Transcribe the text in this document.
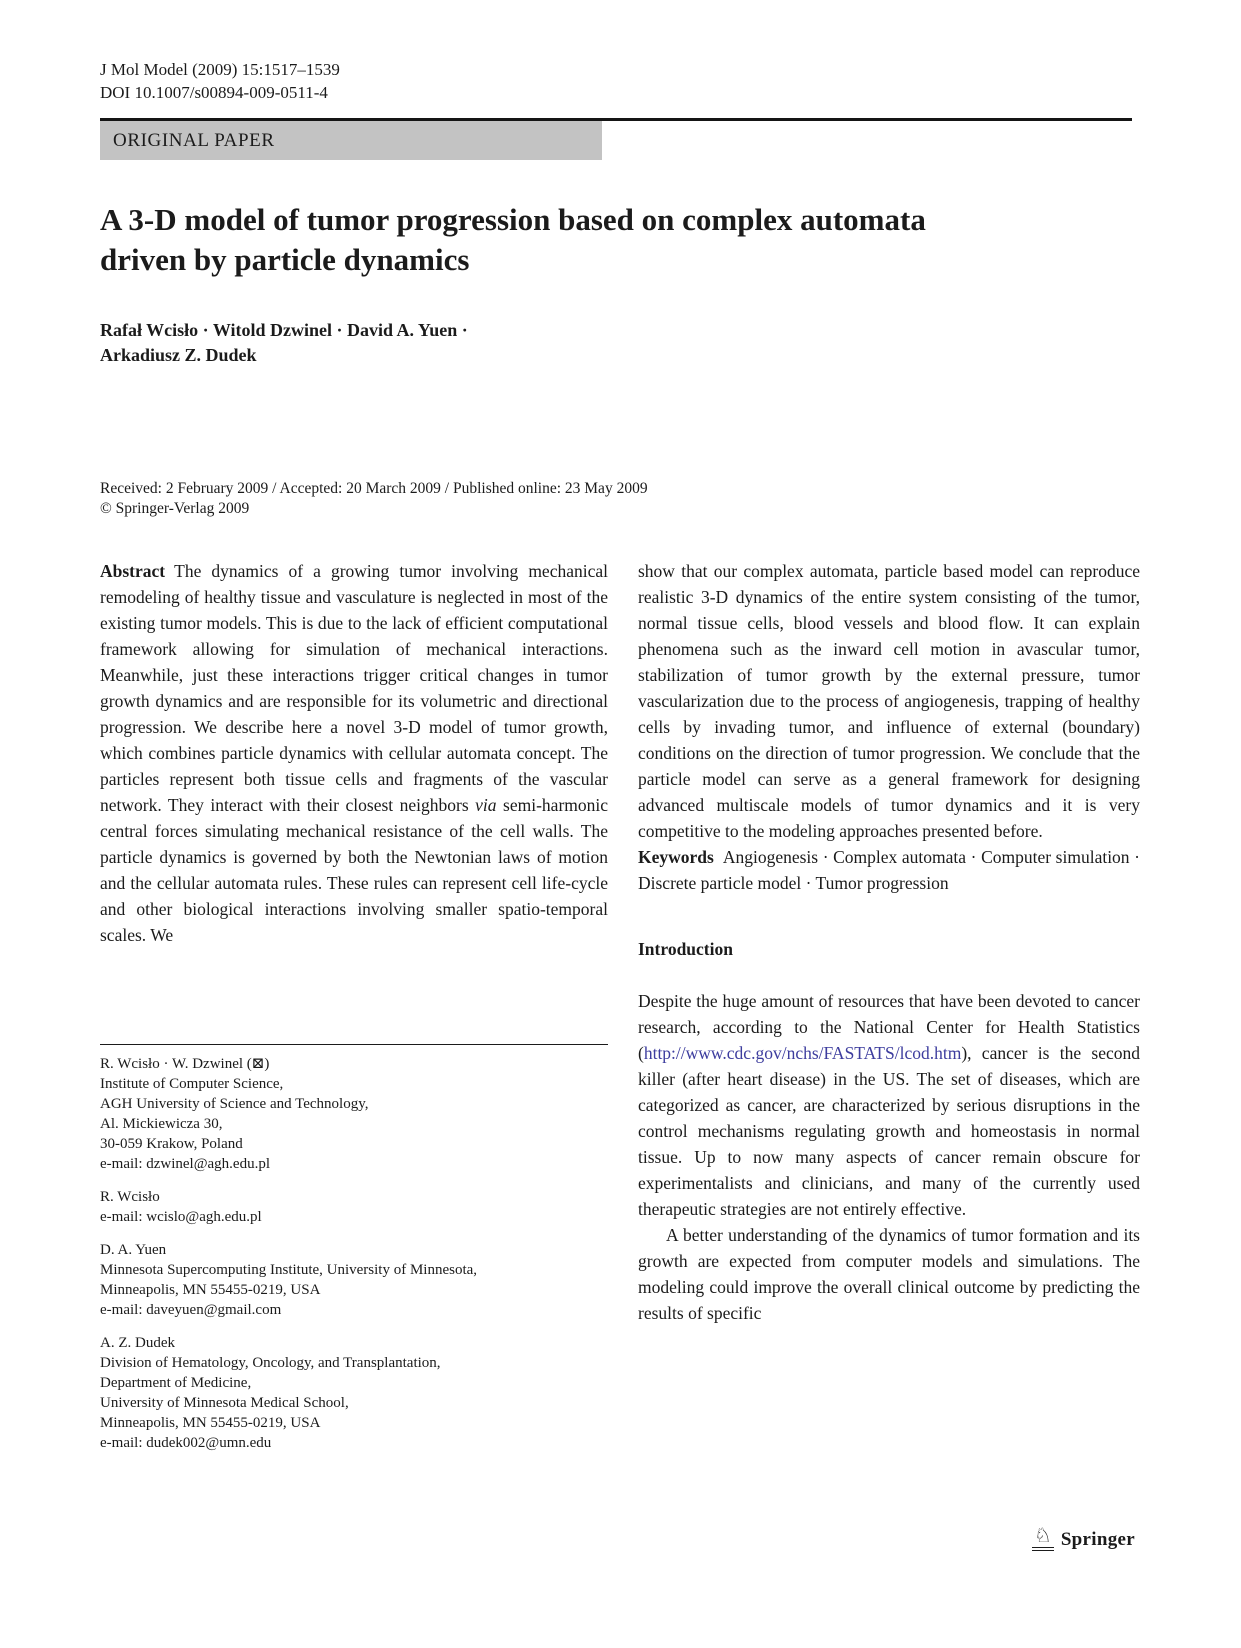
J Mol Model (2009) 15:1517–1539
DOI 10.1007/s00894-009-0511-4
ORIGINAL PAPER
A 3-D model of tumor progression based on complex automata driven by particle dynamics
Rafał Wcisło · Witold Dzwinel · David A. Yuen ·
Arkadiusz Z. Dudek
Received: 2 February 2009 / Accepted: 20 March 2009 / Published online: 23 May 2009
© Springer-Verlag 2009

Abstract The dynamics of a growing tumor involving mechanical remodeling of healthy tissue and vasculature is neglected in most of the existing tumor models. This is due to the lack of efficient computational framework allowing for simulation of mechanical interactions. Meanwhile, just these interactions trigger critical changes in tumor growth dynamics and are responsible for its volumetric and directional progression. We describe here a novel 3-D model of tumor growth, which combines particle dynamics with cellular automata concept. The particles represent both tissue cells and fragments of the vascular network. They interact with their closest neighbors via semi-harmonic central forces simulating mechanical resistance of the cell walls. The particle dynamics is governed by both the Newtonian laws of motion and the cellular automata rules. These rules can represent cell life-cycle and other biological interactions involving smaller spatio-temporal scales. We

show that our complex automata, particle based model can reproduce realistic 3-D dynamics of the entire system consisting of the tumor, normal tissue cells, blood vessels and blood flow. It can explain phenomena such as the inward cell motion in avascular tumor, stabilization of tumor growth by the external pressure, tumor vascularization due to the process of angiogenesis, trapping of healthy cells by invading tumor, and influence of external (boundary) conditions on the direction of tumor progression. We conclude that the particle model can serve as a general framework for designing advanced multiscale models of tumor dynamics and it is very competitive to the modeling approaches presented before.

Keywords Angiogenesis · Complex automata · Computer simulation · Discrete particle model · Tumor progression

Introduction

Despite the huge amount of resources that have been devoted to cancer research, according to the National Center for Health Statistics (http://www.cdc.gov/nchs/FASTATS/lcod.htm), cancer is the second killer (after heart disease) in the US. The set of diseases, which are categorized as cancer, are characterized by serious disruptions in the control mechanisms regulating growth and homeostasis in normal tissue. Up to now many aspects of cancer remain obscure for experimentalists and clinicians, and many of the currently used therapeutic strategies are not entirely effective.

A better understanding of the dynamics of tumor formation and its growth are expected from computer models and simulations. The modeling could improve the overall clinical outcome by predicting the results of specific

R. Wcisło · W. Dzwinel (⊠)
Institute of Computer Science,
AGH University of Science and Technology,
Al. Mickiewicza 30,
30-059 Krakow, Poland
e-mail: dzwinel@agh.edu.pl
R. Wcisło
e-mail: wcislo@agh.edu.pl
D. A. Yuen
Minnesota Supercomputing Institute, University of Minnesota,
Minneapolis, MN 55455-0219, USA
e-mail: daveyuen@gmail.com
A. Z. Dudek
Division of Hematology, Oncology, and Transplantation,
Department of Medicine,
University of Minnesota Medical School,
Minneapolis, MN 55455-0219, USA
e-mail: dudek002@umn.edu
♘ Springer
